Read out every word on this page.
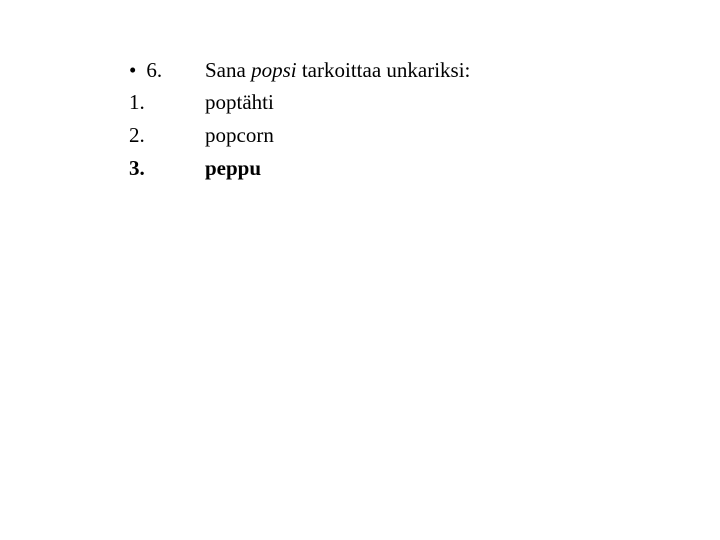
• 6. Sana popsi tarkoittaa unkariksi:
1.	poptähti
2.	popcorn
3.	peppu
